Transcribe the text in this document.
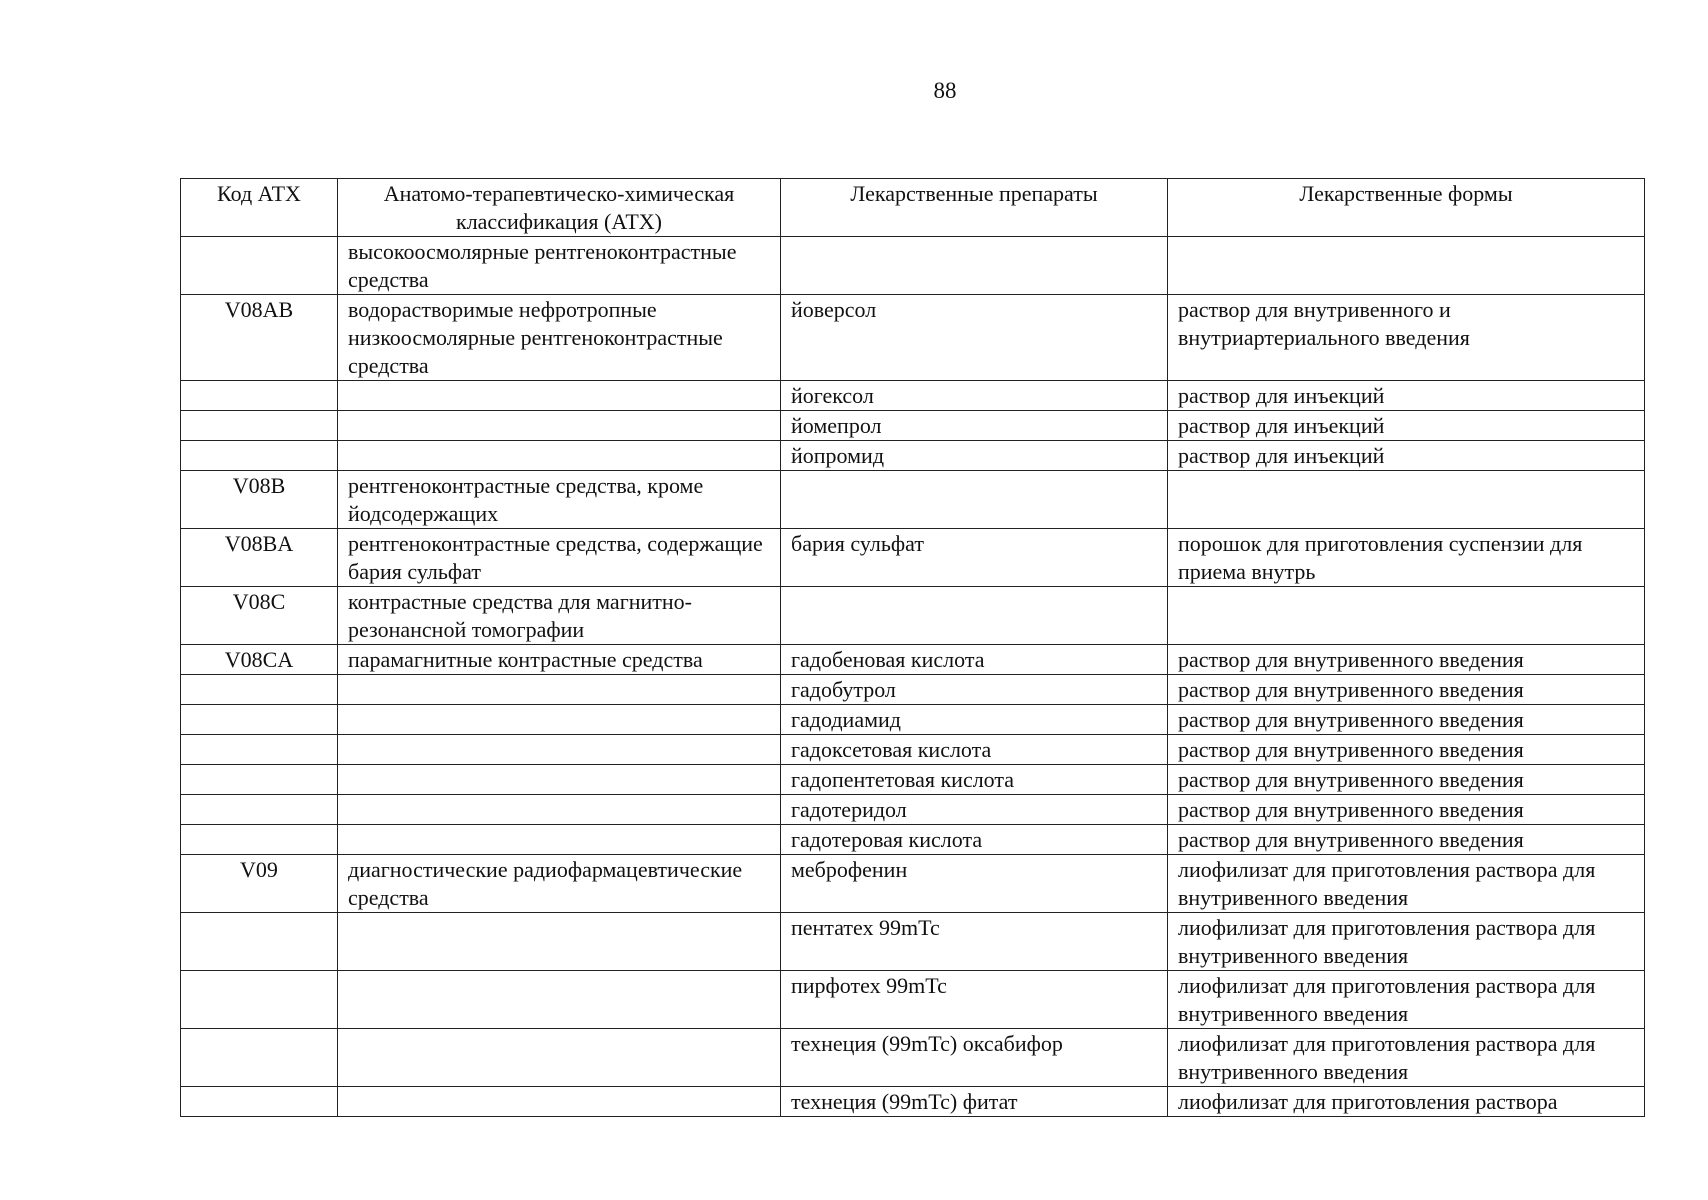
88
Код АТХ	Анатомо-терапевтическо-химическая классификация (АТХ)	Лекарственные препараты	Лекарственные формы
	высокоосмолярные рентгеноконтрастные средства		
V08AB	водорастворимые нефротропные низкоосмолярные рентгеноконтрастные средства	йоверсол	раствор для внутривенного и внутриартериального введения
		йогексол	раствор для инъекций
		йомепрол	раствор для инъекций
		йопромид	раствор для инъекций
V08B	рентгеноконтрастные средства, кроме йодсодержащих		
V08BA	рентгеноконтрастные средства, содержащие бария сульфат	бария сульфат	порошок для приготовления суспензии для приема внутрь
V08C	контрастные средства для магнитно-резонансной томографии		
V08CA	парамагнитные контрастные средства	гадобеновая кислота	раствор для внутривенного введения
		гадобутрол	раствор для внутривенного введения
		гадодиамид	раствор для внутривенного введения
		гадоксетовая кислота	раствор для внутривенного введения
		гадопентетовая кислота	раствор для внутривенного введения
		гадотеридол	раствор для внутривенного введения
		гадотеровая кислота	раствор для внутривенного введения
V09	диагностические радиофармацевтические средства	меброфенин	лиофилизат для приготовления раствора для внутривенного введения
		пентатех 99mTc	лиофилизат для приготовления раствора для внутривенного введения
		пирфотех 99mTc	лиофилизат для приготовления раствора для внутривенного введения
		технеция (99mTc) оксабифор	лиофилизат для приготовления раствора для внутривенного введения
		технеция (99mTc) фитат	лиофилизат для приготовления раствора
